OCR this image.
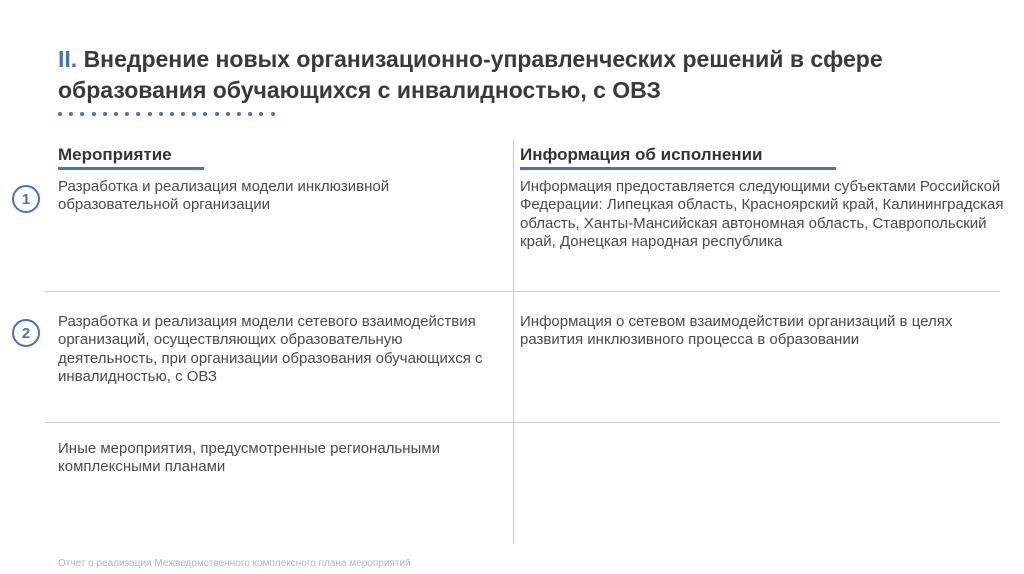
II. Внедрение новых организационно-управленческих решений в сфере образования обучающихся с инвалидностью, с ОВЗ
Мероприятие	Информация об исполнении
1
2
Разработка и реализация модели инклюзивной образовательной организации
Информация предоставляется следующими субъектами Российской Федерации: Липецкая область, Красноярский край, Калининградская область, Ханты-Мансийская автономная область, Ставропольский край, Донецкая народная республика
Разработка и реализация модели сетевого взаимодействия организаций, осуществляющих образовательную деятельность, при организации образования обучающихся с инвалидностью, с ОВЗ
Информация о сетевом взаимодействии организаций в целях развития инклюзивного процесса в образовании
Иные мероприятия, предусмотренные региональными комплексными планами
Отчет о реализации Межведомственного комплексного плана мероприятий
